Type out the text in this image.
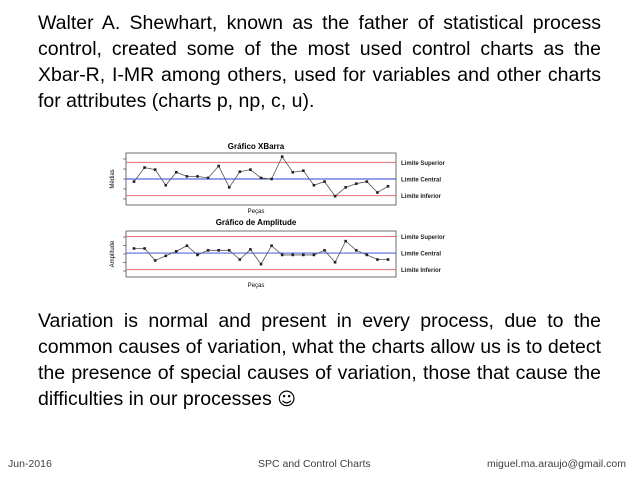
Walter A. Shewhart, known as the father of statistical process control, created some of the most used control charts as the Xbar-R, I-MR among others, used for variables and other charts for attributes (charts p, np, c, u).

Gráfico XBarra
Médias
Peças
Limite Superior
Limite Central
Limite Inferior
Gráfico de Amplitude
Amplitude
Peças
Limite Superior
Limite Central
Limite Inferior

Variation is normal and present in every process, due to the common causes of variation, what the charts allow us is to detect the presence of special causes of variation, those that cause the difficulties in our processes ☺

Jun-2016	SPC and Control Charts	miguel.ma.araujo@gmail.com
